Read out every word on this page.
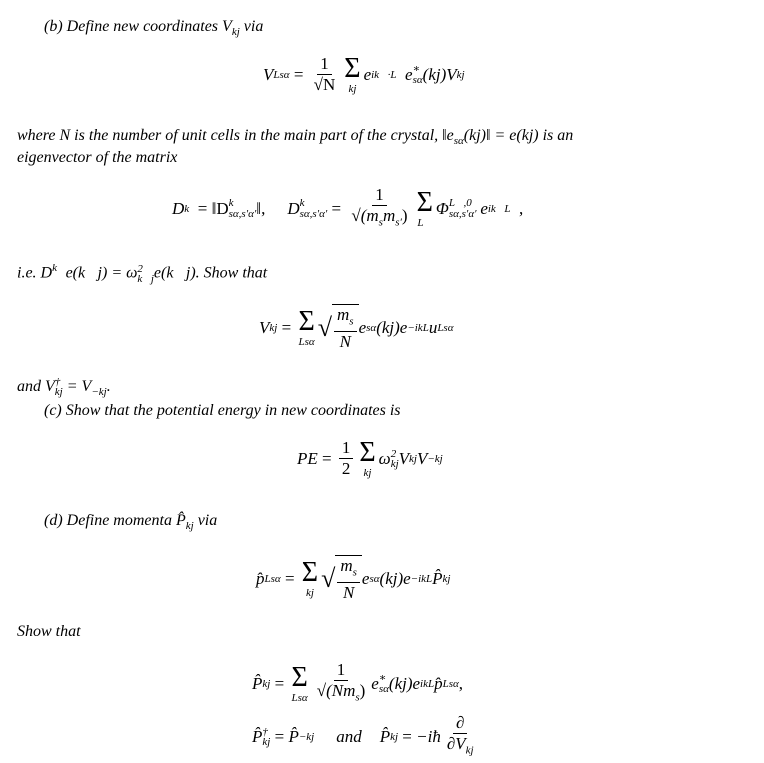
(b) Define new coordinates $V_{kj}$ via
V $Ls\alpha = \frac{1}{√N}$ Σ
kj
e ik⃗·L⃗ e ∗
sα (kj)V kj
where N is the number of unit cells in the main part of the crystal, $‖e_{s\alpha}(kj)‖ = e(kj)$ is an
eigenvector of the matrix
D k⃗ = ‖D k⃗
sα,s′α′ ‖, D k⃗
$s\alpha,s'\alpha' = \frac{1}{√(m_sm_{s'})}$ Σ
L⃗
Φ L⃗,0⃗
sα,s′α′ e ik⃗L⃗ ,
i.e. $D^{k⃗}e(k⃗j) = \omega$ 2
k⃗j e(k⃗j). Show that
V kj = Σ
Lsα √ $\frac{m_s}{N}$ e sα (kj)e −ikL u Lsα
and V †
kj = $V_{-kj}$.
(c) Show that the potential energy in new coordinates is
PE = $\frac{1}{2}$ Σ
kj
ω 2
kj V kj V −kj
(d) Define momenta $P̂_{kj}$ via
p̂ Lsα = Σ
kj √ $\frac{m_s}{N}$ e sα (kj)e −ikL P̂ kj
Show that
P̂ kj = Σ
Lsα $\frac{1}{√(Nm_s)}$ e ∗
sα (kj)e ikL p̂ Lsα ,
P̂ †
kj = P̂ −kj and P̂ kj = −iħ $\frac{\partial}{\partial V_{kj}}$
